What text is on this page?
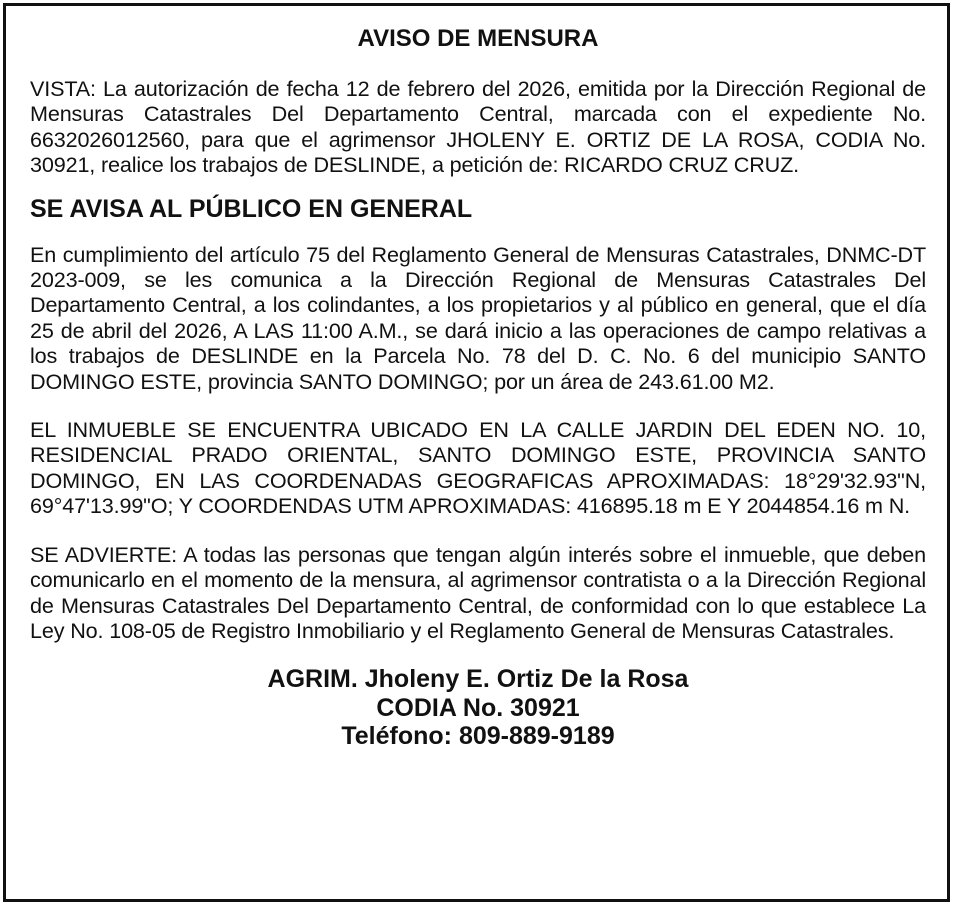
AVISO DE MENSURA

VISTA: La autorización de fecha 12 de febrero del 2026, emitida por la Dirección Regional de Mensuras Catastrales Del Departamento Central, marcada con el expediente No. 6632026012560, para que el agrimensor JHOLENY E. ORTIZ DE LA ROSA, CODIA No. 30921, realice los trabajos de DESLINDE, a petición de: RICARDO CRUZ CRUZ.

SE AVISA AL PÚBLICO EN GENERAL

En cumplimiento del artículo 75 del Reglamento General de Mensuras Catastrales, DNMC-DT 2023-009, se les comunica a la Dirección Regional de Mensuras Catastrales Del Departamento Central, a los colindantes, a los propietarios y al público en general, que el día 25 de abril del 2026, A LAS 11:00 A.M., se dará inicio a las operaciones de campo relativas a los trabajos de DESLINDE en la Parcela No. 78 del D. C. No. 6 del municipio SANTO DOMINGO ESTE, provincia SANTO DOMINGO; por un área de 243.61.00 M2.

EL INMUEBLE SE ENCUENTRA UBICADO EN LA CALLE JARDIN DEL EDEN NO. 10, RESIDENCIAL PRADO ORIENTAL, SANTO DOMINGO ESTE, PROVINCIA SANTO DOMINGO, EN LAS COORDENADAS GEOGRAFICAS APROXIMADAS: 18°29'32.93"N, 69°47'13.99"O; Y COORDENDAS UTM APROXIMADAS: 416895.18 m E Y 2044854.16 m N.

SE ADVIERTE: A todas las personas que tengan algún interés sobre el inmueble, que deben comunicarlo en el momento de la mensura, al agrimensor contratista o a la Dirección Regional de Mensuras Catastrales Del Departamento Central, de conformidad con lo que establece La Ley No. 108-05 de Registro Inmobiliario y el Reglamento General de Mensuras Catastrales.

AGRIM. Jholeny E. Ortiz De la Rosa
CODIA No. 30921
Teléfono: 809-889-9189
